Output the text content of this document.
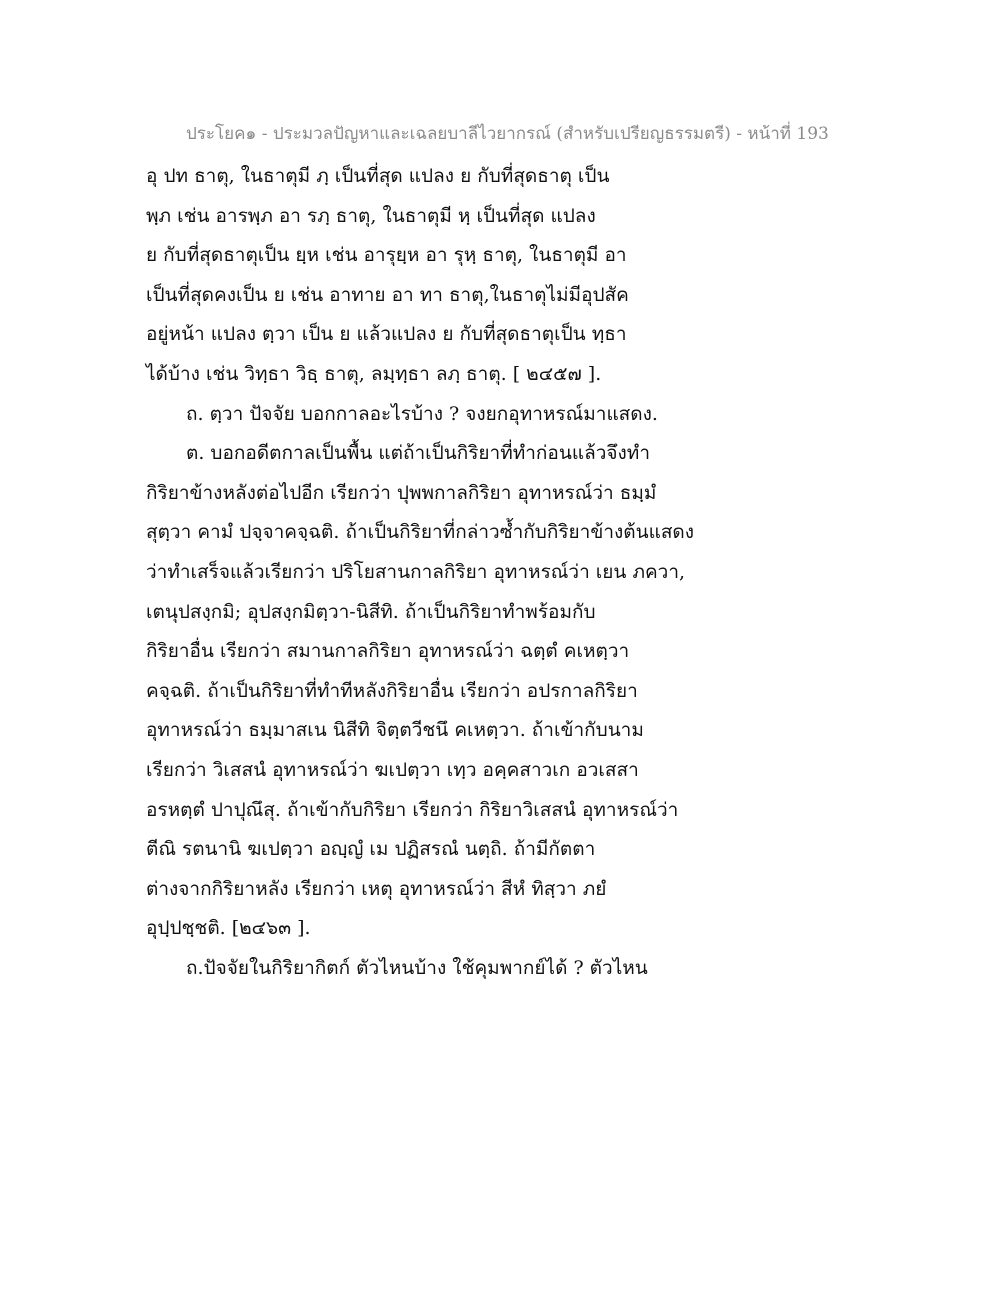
ประโยค๑ - ประมวลปัญหาและเฉลยบาลีไวยากรณ์ (สำหรับเปรียญธรรมตรี) - หน้าที่ 193
อุ ปท ธาตุ, ในธาตุมี ภฺ เป็นที่สุด แปลง ย กับที่สุดธาตุ เป็น
พฺภ เช่น อารพฺภ อา รภฺ ธาตุ, ในธาตุมี หฺ เป็นที่สุด แปลง
ย กับที่สุดธาตุเป็น ยฺห เช่น อารุยฺห อา รุหฺ ธาตุ, ในธาตุมี อา
เป็นที่สุดคงเป็น ย เช่น อาทาย อา ทา ธาตุ,ในธาตุไม่มีอุปสัค
อยู่หน้า แปลง ตฺวา เป็น ย แล้วแปลง ย กับที่สุดธาตุเป็น ทฺธา
ได้บ้าง เช่น วิทฺธา วิธฺ ธาตุ, ลมฺทฺธา ลภฺ ธาตุ. [ ๒๔๕๗ ].
ถ. ตฺวา ปัจจัย บอกกาลอะไรบ้าง ? จงยกอุทาหรณ์มาแสดง.
ต. บอกอดีตกาลเป็นพื้น แต่ถ้าเป็นกิริยาที่ทำก่อนแล้วจึงทำ
กิริยาข้างหลังต่อไปอีก เรียกว่า ปุพพกาลกิริยา อุทาหรณ์ว่า ธมฺมํ
สุตฺวา คามํ ปจฺจาคจฺฉติ. ถ้าเป็นกิริยาที่กล่าวซ้ำกับกิริยาข้างต้นแสดง
ว่าทำเสร็จแล้วเรียกว่า ปริโยสานกาลกิริยา อุทาหรณ์ว่า เยน ภควา,
เตนุปสงฺกมิ; อุปสงฺกมิตฺวา-นิสีทิ. ถ้าเป็นกิริยาทำพร้อมกับ
กิริยาอื่น เรียกว่า สมานกาลกิริยา อุทาหรณ์ว่า ฉตฺตํ คเหตฺวา
คจฺฉติ. ถ้าเป็นกิริยาที่ทำทีหลังกิริยาอื่น เรียกว่า อปรกาลกิริยา
อุทาหรณ์ว่า ธมฺมาสเน นิสีทิ จิตฺตวีชนึ คเหตฺวา. ถ้าเข้ากับนาม
เรียกว่า วิเสสนํ อุทาหรณ์ว่า ฆเปตฺวา เทฺว อคฺคสาวเก อวเสสา
อรหตฺตํ ปาปุณึสุ. ถ้าเข้ากับกิริยา เรียกว่า กิริยาวิเสสนํ อุทาหรณ์ว่า
ตีณิ รตนานิ ฆเปตฺวา อญฺญํ เม ปฏิสรณํ นตฺถิ. ถ้ามีกัตตา
ต่างจากกิริยาหลัง เรียกว่า เหตุ อุทาหรณ์ว่า สีหํ ทิสฺวา ภยํ
อุปฺปชฺชติ. [๒๔๖๓ ].
ถ.ปัจจัยในกิริยากิตก์ ตัวไหนบ้าง ใช้คุมพากย์ได้ ? ตัวไหน
